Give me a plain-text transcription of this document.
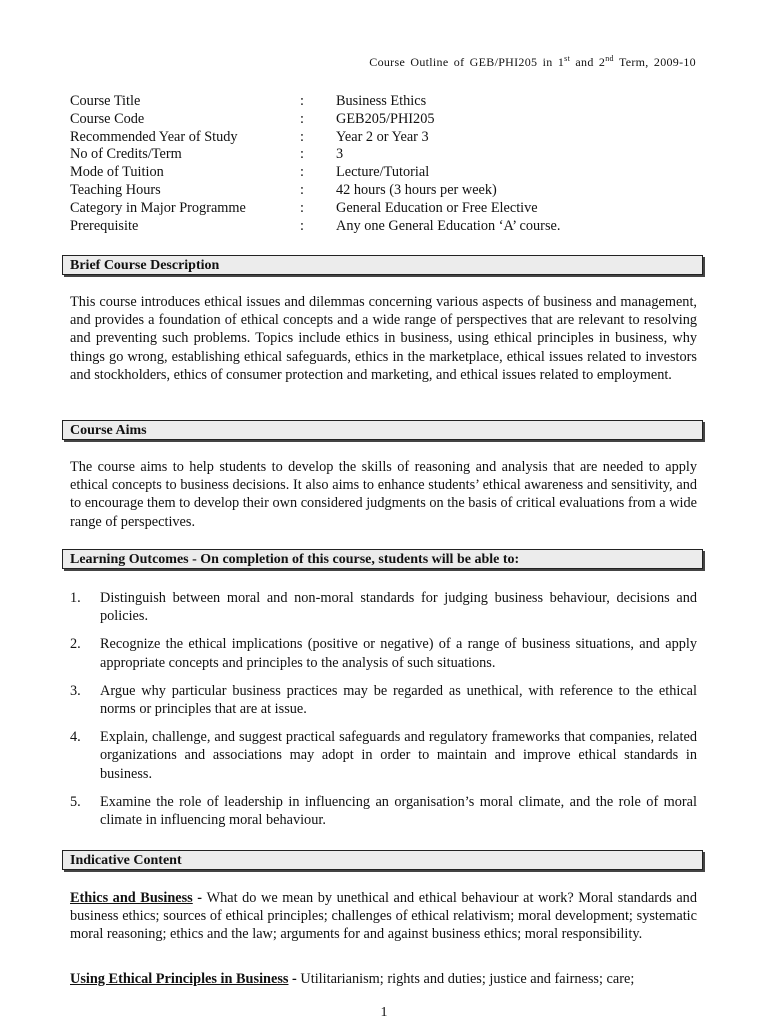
Course Outline of GEB/PHI205 in 1st and 2nd Term, 2009-10
Course Title	:	Business Ethics
Course Code	:	GEB205/PHI205
Recommended Year of Study	:	Year 2 or Year 3
No of Credits/Term	:	3
Mode of Tuition	:	Lecture/Tutorial
Teaching Hours	:	42 hours (3 hours per week)
Category in Major Programme	:	General Education or Free Elective
Prerequisite	:	Any one General Education ‘A’ course.
Brief Course Description
This course introduces ethical issues and dilemmas concerning various aspects of business and management, and provides a foundation of ethical concepts and a wide range of perspectives that are relevant to resolving and preventing such problems. Topics include ethics in business, using ethical principles in business, why things go wrong, establishing ethical safeguards, ethics in the marketplace, ethical issues related to investors and stockholders, ethics of consumer protection and marketing, and ethical issues related to employment.
Course Aims
The course aims to help students to develop the skills of reasoning and analysis that are needed to apply ethical concepts to business decisions. It also aims to enhance students’ ethical awareness and sensitivity, and to encourage them to develop their own considered judgments on the basis of critical evaluations from a wide range of perspectives.
Learning Outcomes - On completion of this course, students will be able to:
1.	Distinguish between moral and non-moral standards for judging business behaviour, decisions and policies.
2.	Recognize the ethical implications (positive or negative) of a range of business situations, and apply appropriate concepts and principles to the analysis of such situations.
3.	Argue why particular business practices may be regarded as unethical, with reference to the ethical norms or principles that are at issue.
4.	Explain, challenge, and suggest practical safeguards and regulatory frameworks that companies, related organizations and associations may adopt in order to maintain and improve ethical standards in business.
5.	Examine the role of leadership in influencing an organisation’s moral climate, and the role of moral climate in influencing moral behaviour.
Indicative Content
Ethics and Business - What do we mean by unethical and ethical behaviour at work? Moral standards and business ethics; sources of ethical principles; challenges of ethical relativism; moral development; systematic moral reasoning; ethics and the law; arguments for and against business ethics; moral responsibility.
Using Ethical Principles in Business - Utilitarianism; rights and duties; justice and fairness; care;
1
